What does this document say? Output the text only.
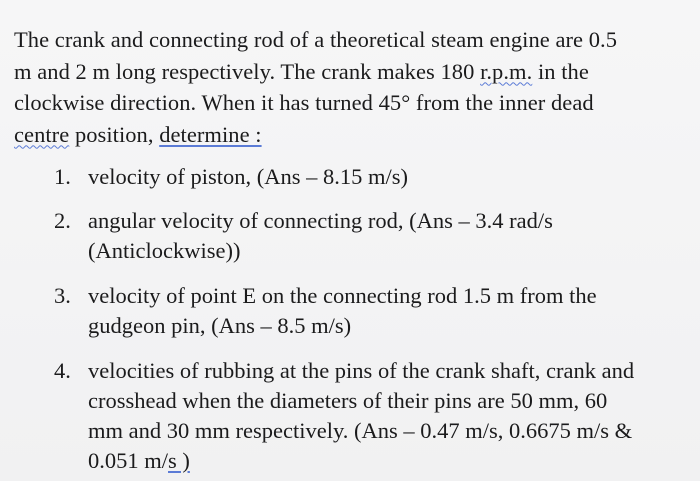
The crank and connecting rod of a theoretical steam engine are 0.5
m and 2 m long respectively. The crank makes 180 r.p.m. in the
clockwise direction. When it has turned 45° from the inner dead
centre position, determine :

1. velocity of piston, (Ans – 8.15 m/s)
2. angular velocity of connecting rod, (Ans – 3.4 rad/s
(Anticlockwise))
3. velocity of point E on the connecting rod 1.5 m from the
gudgeon pin, (Ans – 8.5 m/s)
4. velocities of rubbing at the pins of the crank shaft, crank and
crosshead when the diameters of their pins are 50 mm, 60
mm and 30 mm respectively. (Ans – 0.47 m/s, 0.6675 m/s &
0.051 m/s )
